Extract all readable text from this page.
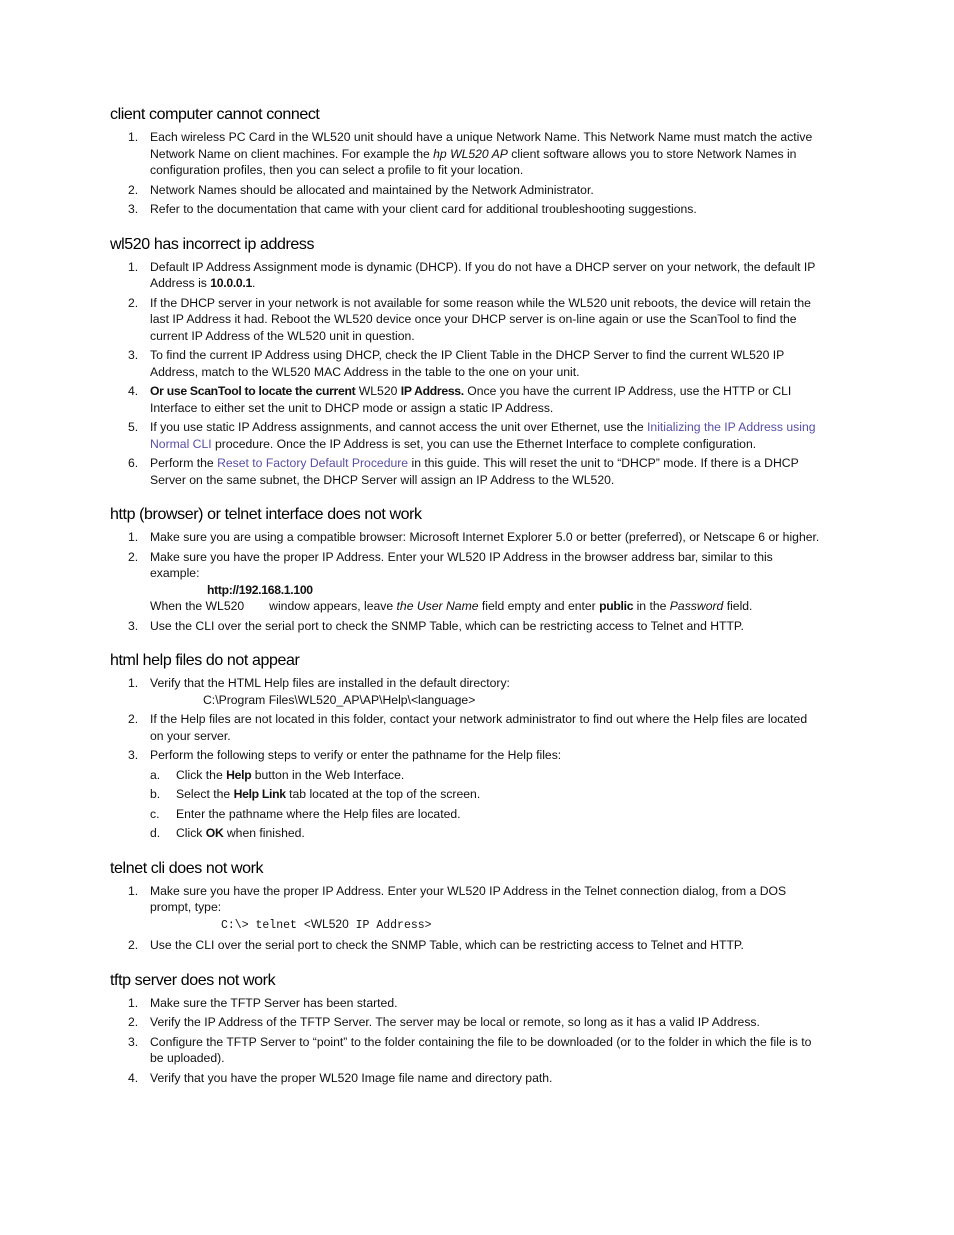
client computer cannot connect
1. Each wireless PC Card in the WL520 unit should have a unique Network Name. This Network Name must match the active Network Name on client machines. For example the hp WL520 AP client software allows you to store Network Names in configuration profiles, then you can select a profile to fit your location.
2. Network Names should be allocated and maintained by the Network Administrator.
3. Refer to the documentation that came with your client card for additional troubleshooting suggestions.
wl520 has incorrect ip address
1. Default IP Address Assignment mode is dynamic (DHCP). If you do not have a DHCP server on your network, the default IP Address is 10.0.0.1.
2. If the DHCP server in your network is not available for some reason while the WL520 unit reboots, the device will retain the last IP Address it had. Reboot the WL520 device once your DHCP server is on-line again or use the ScanTool to find the current IP Address of the WL520 unit in question.
3. To find the current IP Address using DHCP, check the IP Client Table in the DHCP Server to find the current WL520 IP Address, match to the WL520 MAC Address in the table to the one on your unit.
4. Or use ScanTool to locate the current WL520 IP Address. Once you have the current IP Address, use the HTTP or CLI Interface to either set the unit to DHCP mode or assign a static IP Address.
5. If you use static IP Address assignments, and cannot access the unit over Ethernet, use the Initializing the IP Address using Normal CLI procedure. Once the IP Address is set, you can use the Ethernet Interface to complete configuration.
6. Perform the Reset to Factory Default Procedure in this guide. This will reset the unit to “DHCP” mode. If there is a DHCP Server on the same subnet, the DHCP Server will assign an IP Address to the WL520.
http (browser) or telnet interface does not work
1. Make sure you are using a compatible browser: Microsoft Internet Explorer 5.0 or better (preferred), or Netscape 6 or higher.
2. Make sure you have the proper IP Address. Enter your WL520 IP Address in the browser address bar, similar to this example:
http://192.168.1.100
When the WL520 window appears, leave the User Name field empty and enter public in the Password field.
3. Use the CLI over the serial port to check the SNMP Table, which can be restricting access to Telnet and HTTP.
html help files do not appear
1. Verify that the HTML Help files are installed in the default directory:
C:\Program Files\WL520_AP\AP\Help\<language>
2. If the Help files are not located in this folder, contact your network administrator to find out where the Help files are located on your server.
3. Perform the following steps to verify or enter the pathname for the Help files:
a. Click the Help button in the Web Interface.
b. Select the Help Link tab located at the top of the screen.
c. Enter the pathname where the Help files are located.
d. Click OK when finished.
telnet cli does not work
1. Make sure you have the proper IP Address. Enter your WL520 IP Address in the Telnet connection dialog, from a DOS prompt, type:
C:\> telnet <WL520 IP Address>
2. Use the CLI over the serial port to check the SNMP Table, which can be restricting access to Telnet and HTTP.
tftp server does not work
1. Make sure the TFTP Server has been started.
2. Verify the IP Address of the TFTP Server. The server may be local or remote, so long as it has a valid IP Address.
3. Configure the TFTP Server to “point” to the folder containing the file to be downloaded (or to the folder in which the file is to be uploaded).
4. Verify that you have the proper WL520 Image file name and directory path.
